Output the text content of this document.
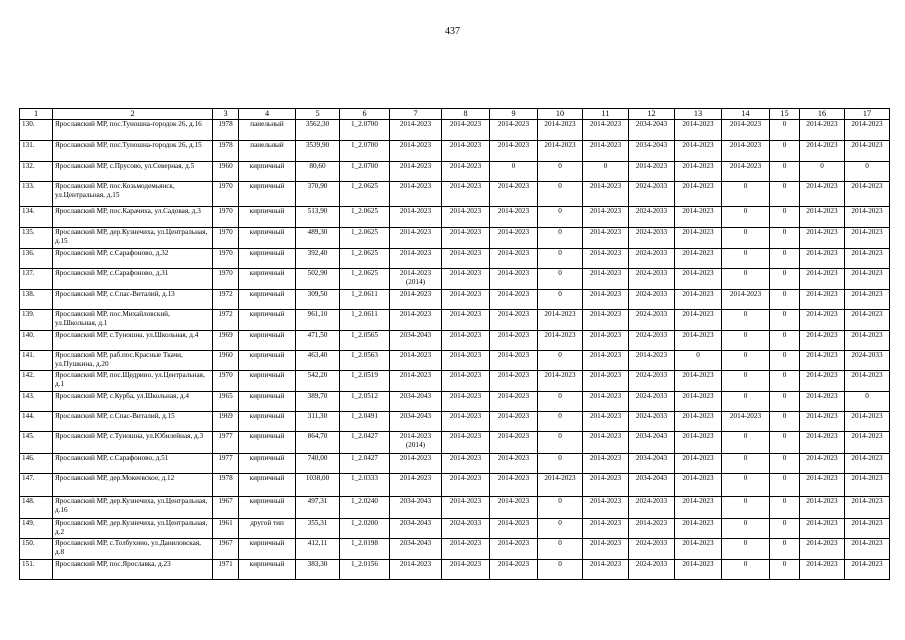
437
1	2	3	4	5	6	7	8	9	10	11	12	13	14	15	16	17
130.	Ярославский МР, пос.Туношна-городок 26, д.16	1978	панельный	3562,30	1_2.0700	2014-2023	2014-2023	2014-2023	2014-2023	2014-2023	2034-2043	2014-2023	2014-2023	0	2014-2023	2014-2023
131.	Ярославский МР, пос.Туношна-городок 26, д.15	1978	панельный	3539,90	1_2.0700	2014-2023	2014-2023	2014-2023	2014-2023	2014-2023	2034-2043	2014-2023	2014-2023	0	2014-2023	2014-2023
132.	Ярославский МР, с.Прусово, ул.Северная, д.5	1960	кирпичный	80,60	1_2.0700	2014-2023	2014-2023	0	0	0	2014-2023	2014-2023	2014-2023	0	0	0
133.	Ярославский МР, пос.Козьмодемьянск, ул.Центральная, д.15	1970	кирпичный	370,90	1_2.0625	2014-2023	2014-2023	2014-2023	0	2014-2023	2024-2033	2014-2023	0	0	2014-2023	2014-2023
134.	Ярославский МР, пос.Карачиха, ул.Садовая, д.3	1970	кирпичный	513,90	1_2.0625	2014-2023	2014-2023	2014-2023	0	2014-2023	2024-2033	2014-2023	0	0	2014-2023	2014-2023
135.	Ярославский МР, дер.Кузнечиха, ул.Центральная, д.15	1970	кирпичный	489,30	1_2.0625	2014-2023	2014-2023	2014-2023	0	2014-2023	2024-2033	2014-2023	0	0	2014-2023	2014-2023
136.	Ярославский МР, с.Сарафоново, д.32	1970	кирпичный	392,40	1_2.0625	2014-2023	2014-2023	2014-2023	0	2014-2023	2024-2033	2014-2023	0	0	2014-2023	2014-2023
137.	Ярославский МР, с.Сарафоново, д.31	1970	кирпичный	502,90	1_2.0625	2014-2023 (2014)	2014-2023	2014-2023	0	2014-2023	2024-2033	2014-2023	0	0	2014-2023	2014-2023
138.	Ярославский МР, с.Спас-Виталий, д.13	1972	кирпичный	309,50	1_2.0611	2014-2023	2014-2023	2014-2023	0	2014-2023	2024-2033	2014-2023	2014-2023	0	2014-2023	2014-2023
139.	Ярославский МР, пос.Михайловский, ул.Школьная, д.1	1972	кирпичный	961,10	1_2.0611	2014-2023	2014-2023	2014-2023	2014-2023	2014-2023	2024-2033	2014-2023	0	0	2014-2023	2014-2023
140.	Ярославский МР, с.Туношна, ул.Школьная, д.4	1969	кирпичный	471,50	1_2.0565	2034-2043	2014-2023	2014-2023	2014-2023	2014-2023	2024-2033	2014-2023	0	0	2014-2023	2014-2023
141.	Ярославский МР, раб.пос.Красные Ткачи, ул.Пушкина, д.20	1960	кирпичный	463,40	1_2.0563	2014-2023	2014-2023	2014-2023	0	2014-2023	2014-2023	0	0	0	2014-2023	2024-2033
142.	Ярославский МР, пос.Щедрино, ул.Центральная, д.1	1970	кирпичный	542,20	1_2.0519	2014-2023	2014-2023	2014-2023	2014-2023	2014-2023	2024-2033	2014-2023	0	0	2014-2023	2014-2023
143.	Ярославский МР, с.Курба, ул.Школьная, д.4	1965	кирпичный	389,70	1_2.0512	2034-2043	2014-2023	2014-2023	0	2014-2023	2024-2033	2014-2023	0	0	2014-2023	0
144.	Ярославский МР, с.Спас-Виталий, д.15	1969	кирпичный	311,30	1_2.0491	2034-2043	2014-2023	2014-2023	0	2014-2023	2024-2033	2014-2023	2014-2023	0	2014-2023	2014-2023
145.	Ярославский МР, с.Туношна, ул.Юбилейная, д.3	1977	кирпичный	864,70	1_2.0427	2014-2023 (2014)	2014-2023	2014-2023	0	2014-2023	2034-2043	2014-2023	0	0	2014-2023	2014-2023
146.	Ярославский МР, с.Сарафоново, д.51	1977	кирпичный	740,00	1_2.0427	2014-2023	2014-2023	2014-2023	0	2014-2023	2034-2043	2014-2023	0	0	2014-2023	2014-2023
147.	Ярославский МР, дер.Мокеевское, д.12	1978	кирпичный	1038,00	1_2.0333	2014-2023	2014-2023	2014-2023	2014-2023	2014-2023	2034-2043	2014-2023	0	0	2014-2023	2014-2023
148.	Ярославский МР, дер.Кузнечиха, ул.Центральная, д.16	1967	кирпичный	497,31	1_2.0240	2034-2043	2014-2023	2014-2023	0	2014-2023	2024-2033	2014-2023	0	0	2014-2023	2014-2023
149.	Ярославский МР, дер.Кузнечиха, ул.Центральная, д.2	1961	другой тип	355,31	1_2.0200	2034-2043	2024-2033	2014-2023	0	2014-2023	2014-2023	2014-2023	0	0	2014-2023	2014-2023
150.	Ярославский МР, с.Толбухино, ул.Даниловская, д.8	1967	кирпичный	412,11	1_2.0198	2034-2043	2014-2023	2014-2023	0	2014-2023	2024-2033	2014-2023	0	0	2014-2023	2014-2023
151.	Ярославский МР, пос.Ярославка, д.23	1971	кирпичный	383,30	1_2.0156	2014-2023	2014-2023	2014-2023	0	2014-2023	2024-2033	2014-2023	0	0	2014-2023	2014-2023
